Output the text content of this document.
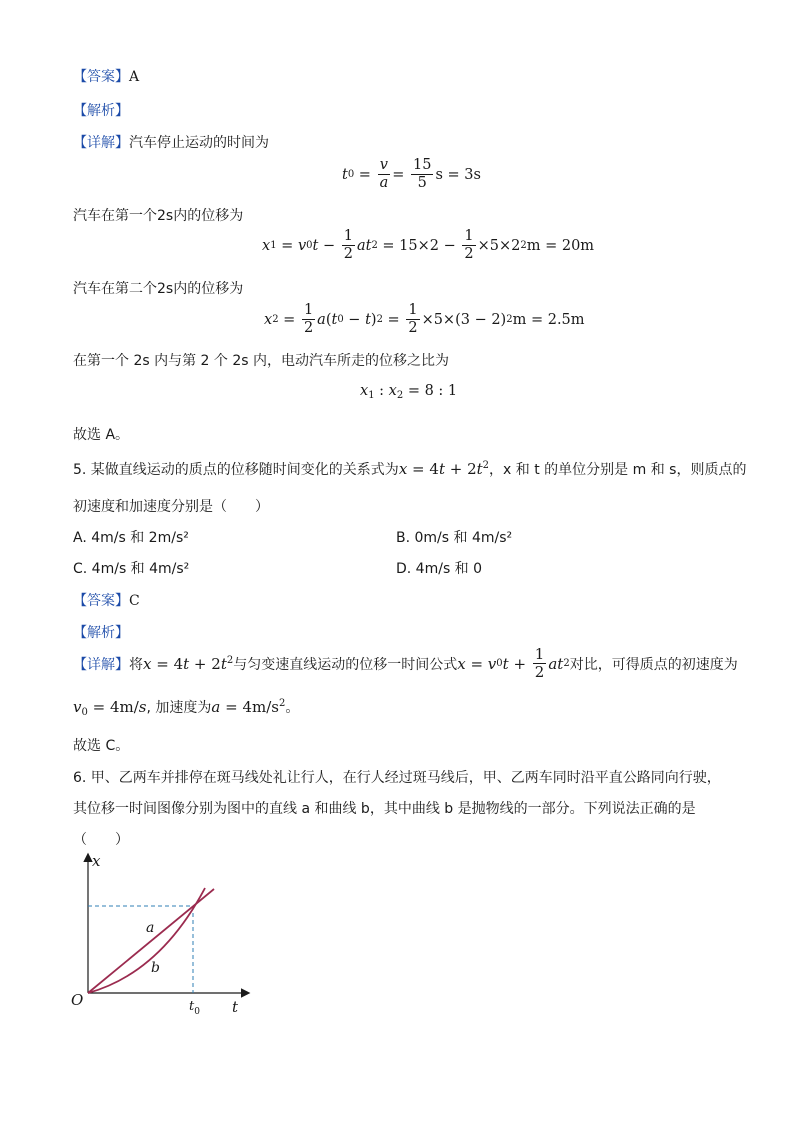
【答案】A
【解析】
【详解】汽车停止运动的时间为
t $0 = \frac{v}{a} = \frac{15}{5}$ s = 3s
汽车在第一个2s内的位移为
x 1 = v 0 $t - \frac{1}{2}$ at $2 = 15\times 2 - \frac{1}{2} \times 5\times 2$ 2 m = 20m
汽车在第二个2s内的位移为
x $2 = \frac{1}{2}$ a ( t 0 − t ) $2 = \frac{1}{2} \times 5\times(3 - 2)$ 2 m = 2.5m
在第一个 2s 内与第 2 个 2s 内，电动汽车所走的位移之比为
$x_1$ : $x_2 = 8$ : 1
故选 A。
5. 某做直线运动的质点的位移随时间变化的关系式为$x = 4t + 2t^2$，x 和 t 的单位分别是 m 和 s，则质点的
初速度和加速度分别是（　　）
A. 4m/s 和 2m/s²	B. 0m/s 和 4m/s²
C. 4m/s 和 4m/s²	D. 4m/s 和 0
【答案】C
【解析】
【详解】 将 $x = 4t + 2t^2$ 与匀变速直线运动的位移一时间公式 x = v 0 $t + \frac{1}{2}$ at 2 对比，可得质点的初速度为
$v_0 = 4m/s$, 加速度为$a = 4m/s^2$。
故选 C。
6. 甲、乙两车并排停在斑马线处礼让行人，在行人经过斑马线后，甲、乙两车同时沿平直公路同向行驶，
其位移一时间图像分别为图中的直线 a 和曲线 b，其中曲线 b 是抛物线的一部分。下列说法正确的是
（　　）
x
t
O
a
b
$t_0$
